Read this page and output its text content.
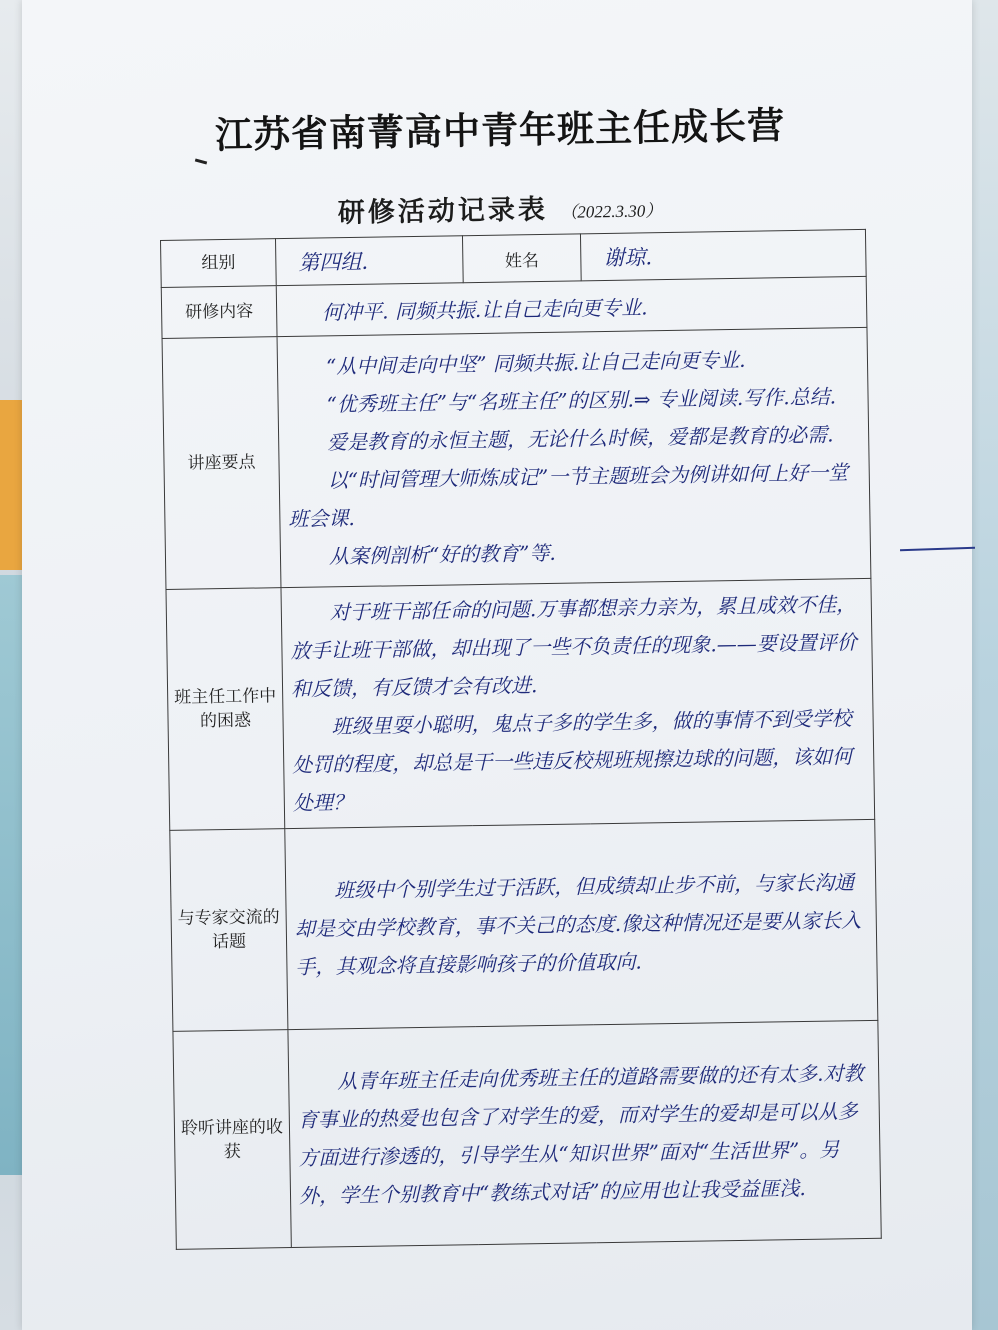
江苏省南菁高中青年班主任成长营
研修活动记录表 （2022.3.30）
组别	第四组.	姓名	谢琼.
研修内容	何冲平. 同频共振.让自己走向更专业.		
讲座要点	“从中间走向中坚” 同频共振.让自己走向更专业.

“优秀班主任”与“名班主任”的区别.⇒ 专业阅读.写作.总结.

爱是教育的永恒主题，无论什么时候，爱都是教育的必需.

以“时间管理大师炼成记”一节主题班会为例讲如何上好一堂班会课.

从案例剖析“好的教育”等.		

班主任工作中的困惑	对于班干部任命的问题.万事都想亲力亲为，累且成效不佳，放手让班干部做，却出现了一些不负责任的现象.——要设置评价和反馈，有反馈才会有改进.

班级里耍小聪明，鬼点子多的学生多，做的事情不到受学校处罚的程度，却总是干一些违反校规班规擦边球的问题，该如何处理？		

与专家交流的话题	班级中个别学生过于活跃，但成绩却止步不前，与家长沟通却是交由学校教育，事不关己的态度.像这种情况还是要从家长入手，其观念将直接影响孩子的价值取向.		

聆听讲座的收获	从青年班主任走向优秀班主任的道路需要做的还有太多.对教育事业的热爱也包含了对学生的爱，而对学生的爱却是可以从多方面进行渗透的，引导学生从“知识世界”面对“生活世界”。另外，学生个别教育中“教练式对话”的应用也让我受益匪浅.		
